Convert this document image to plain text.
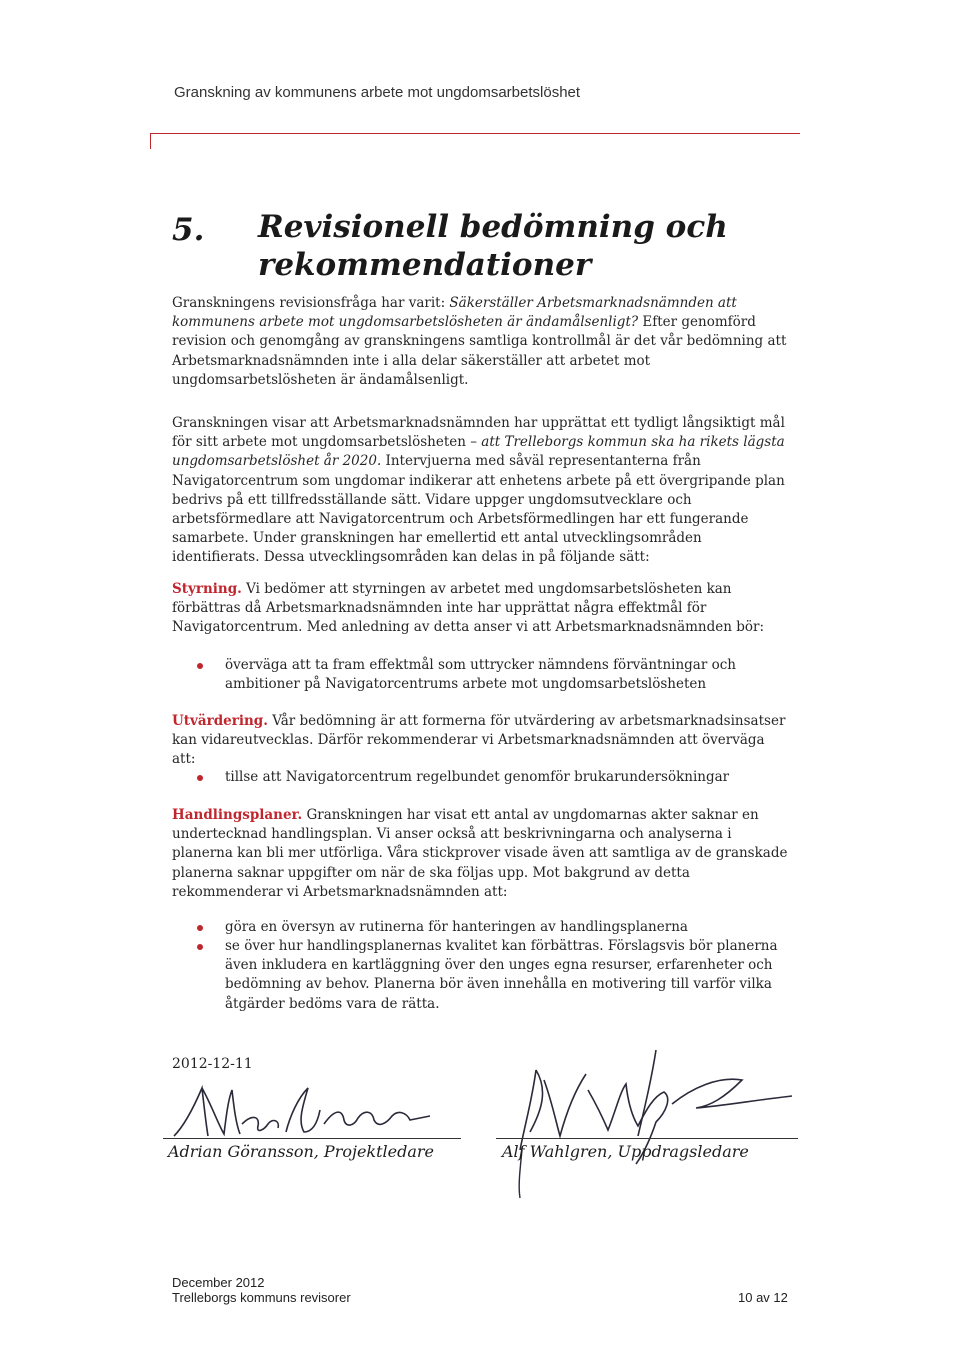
Granskning av kommunens arbete mot ungdomsarbetslöshet
5. Revisionell bedömning och rekommendationer

Granskningens revisionsfråga har varit: Säkerställer Arbetsmarknadsnämnden att kommunens arbete mot ungdomsarbetslösheten är ändamålsenligt? Efter genomförd revision och genomgång av granskningens samtliga kontrollmål är det vår bedömning att Arbetsmarknadsnämnden inte i alla delar säkerställer att arbetet mot ungdomsarbetslösheten är ändamålsenligt.

Granskningen visar att Arbetsmarknadsnämnden har upprättat ett tydligt långsiktigt mål för sitt arbete mot ungdomsarbetslösheten – att Trelleborgs kommun ska ha rikets lägsta ungdomsarbetslöshet år 2020. Intervjuerna med såväl representanterna från Navigatorcentrum som ungdomar indikerar att enhetens arbete på ett övergripande plan bedrivs på ett tillfredsställande sätt. Vidare uppger ungdomsutvecklare och arbetsförmedlare att Navigatorcentrum och Arbetsförmedlingen har ett fungerande samarbete. Under granskningen har emellertid ett antal utvecklingsområden identifierats. Dessa utvecklingsområden kan delas in på följande sätt:

Styrning. Vi bedömer att styrningen av arbetet med ungdomsarbetslösheten kan förbättras då Arbetsmarknadsnämnden inte har upprättat några effektmål för Navigatorcentrum. Med anledning av detta anser vi att Arbetsmarknadsnämnden bör:

överväga att ta fram effektmål som uttrycker nämndens förväntningar och ambitioner på Navigatorcentrums arbete mot ungdomsarbetslösheten

Utvärdering. Vår bedömning är att formerna för utvärdering av arbetsmarknadsinsatser kan vidareutvecklas. Därför rekommenderar vi Arbetsmarknadsnämnden att överväga att:

tillse att Navigatorcentrum regelbundet genomför brukarundersökningar

Handlingsplaner. Granskningen har visat ett antal av ungdomarnas akter saknar en undertecknad handlingsplan. Vi anser också att beskrivningarna och analyserna i planerna kan bli mer utförliga. Våra stickprover visade även att samtliga av de granskade planerna saknar uppgifter om när de ska följas upp. Mot bakgrund av detta rekommenderar vi Arbetsmarknadsnämnden att:

göra en översyn av rutinerna för hanteringen av handlingsplanerna
se över hur handlingsplanernas kvalitet kan förbättras. Förslagsvis bör planerna även inkludera en kartläggning över den unges egna resurser, erfarenheter och bedömning av behov. Planerna bör även innehålla en motivering till varför vilka åtgärder bedöms vara de rätta.
2012-12-11
Adrian Göransson, Projektledare	Alf Wahlgren, Uppdragsledare
December 2012
Trelleborgs kommuns revisorer	10 av 12
